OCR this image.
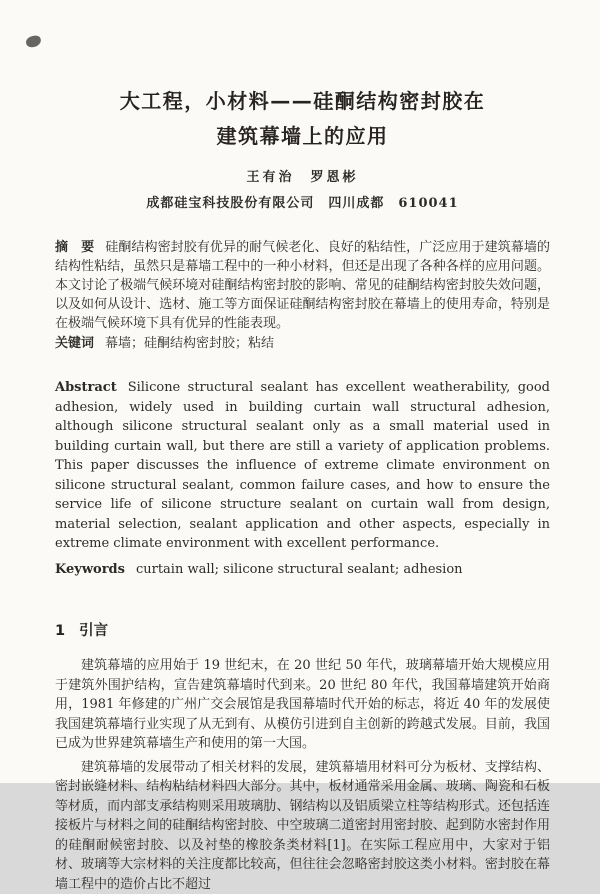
大工程，小材料——硅酮结构密封胶在
建筑幕墙上的应用
王有治　罗恩彬
成都硅宝科技股份有限公司　四川成都　610041

摘　要 硅酮结构密封胶有优异的耐气候老化、良好的粘结性，广泛应用于建筑幕墙的结构性粘结，虽然只是幕墙工程中的一种小材料，但还是出现了各种各样的应用问题。本文讨论了极端气候环境对硅酮结构密封胶的影响、常见的硅酮结构密封胶失效问题，以及如何从设计、选材、施工等方面保证硅酮结构密封胶在幕墙上的使用寿命，特别是在极端气候环境下具有优异的性能表现。

关键词 幕墙；硅酮结构密封胶；粘结

Abstract Silicone structural sealant has excellent weatherability, good adhesion, widely used in building curtain wall structural adhesion, although silicone structural sealant only as a small material used in building curtain wall, but there are still a variety of application problems. This paper discusses the influence of extreme climate environment on silicone structural sealant, common failure cases, and how to ensure the service life of silicone structure sealant on curtain wall from design, material selection, sealant application and other aspects, especially in extreme climate environment with excellent performance.

Keywords curtain wall; silicone structural sealant; adhesion

1 引言

建筑幕墙的应用始于 19 世纪末，在 20 世纪 50 年代，玻璃幕墙开始大规模应用于建筑外围护结构，宣告建筑幕墙时代到来。20 世纪 80 年代，我国幕墙建筑开始商用，1981 年修建的广州广交会展馆是我国幕墙时代开始的标志，将近 40 年的发展使我国建筑幕墙行业实现了从无到有、从模仿引进到自主创新的跨越式发展。目前，我国已成为世界建筑幕墙生产和使用的第一大国。

建筑幕墙的发展带动了相关材料的发展，建筑幕墙用材料可分为板材、支撑结构、密封嵌缝材料、结构粘结材料四大部分。其中，板材通常采用金属、玻璃、陶瓷和石板等材质，而内部支承结构则采用玻璃肋、钢结构以及铝质梁立柱等结构形式。还包括连接板片与材料之间的硅酮结构密封胶、中空玻璃二道密封用密封胶、起到防水密封作用的硅酮耐候密封胶、以及衬垫的橡胶条类材料[1]。在实际工程应用中，大家对于铝材、玻璃等大宗材料的关注度都比较高，但往往会忽略密封胶这类小材料。密封胶在幕墙工程中的造价占比不超过
